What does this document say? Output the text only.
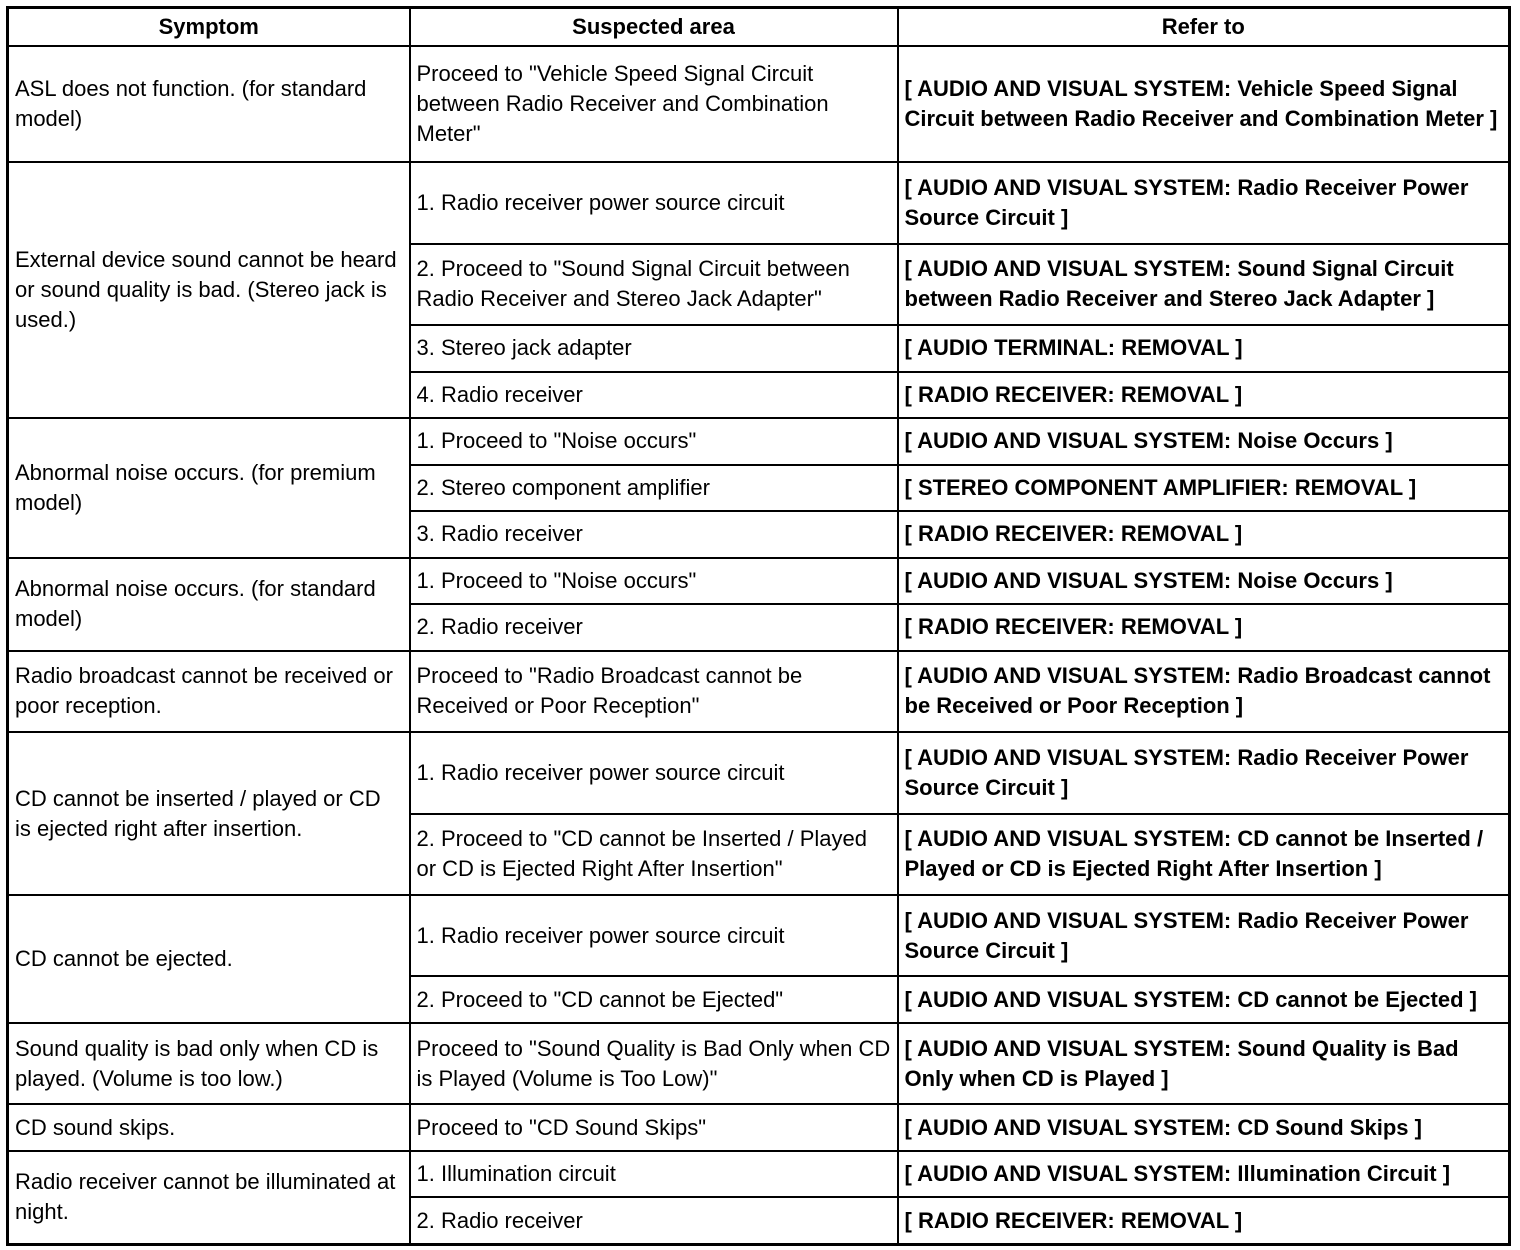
Symptom	Suspected area	Refer to
ASL does not function. (for standard model)	Proceed to "Vehicle Speed Signal Circuit between Radio Receiver and Combination Meter"	[ AUDIO AND VISUAL SYSTEM: Vehicle Speed Signal Circuit between Radio Receiver and Combination Meter ]
External device sound cannot be heard or sound quality is bad. (Stereo jack is used.)	1. Radio receiver power source circuit	[ AUDIO AND VISUAL SYSTEM: Radio Receiver Power Source Circuit ]
	2. Proceed to "Sound Signal Circuit between Radio Receiver and Stereo Jack Adapter"	[ AUDIO AND VISUAL SYSTEM: Sound Signal Circuit between Radio Receiver and Stereo Jack Adapter ]
	3. Stereo jack adapter	[ AUDIO TERMINAL: REMOVAL ]
	4. Radio receiver	[ RADIO RECEIVER: REMOVAL ]
Abnormal noise occurs. (for premium model)	1. Proceed to "Noise occurs"	[ AUDIO AND VISUAL SYSTEM: Noise Occurs ]
	2. Stereo component amplifier	[ STEREO COMPONENT AMPLIFIER: REMOVAL ]
	3. Radio receiver	[ RADIO RECEIVER: REMOVAL ]
Abnormal noise occurs. (for standard model)	1. Proceed to "Noise occurs"	[ AUDIO AND VISUAL SYSTEM: Noise Occurs ]
	2. Radio receiver	[ RADIO RECEIVER: REMOVAL ]
Radio broadcast cannot be received or poor reception.	Proceed to "Radio Broadcast cannot be Received or Poor Reception"	[ AUDIO AND VISUAL SYSTEM: Radio Broadcast cannot be Received or Poor Reception ]
CD cannot be inserted / played or CD is ejected right after insertion.	1. Radio receiver power source circuit	[ AUDIO AND VISUAL SYSTEM: Radio Receiver Power Source Circuit ]
	2. Proceed to "CD cannot be Inserted / Played or CD is Ejected Right After Insertion"	[ AUDIO AND VISUAL SYSTEM: CD cannot be Inserted / Played or CD is Ejected Right After Insertion ]
CD cannot be ejected.	1. Radio receiver power source circuit	[ AUDIO AND VISUAL SYSTEM: Radio Receiver Power Source Circuit ]
	2. Proceed to "CD cannot be Ejected"	[ AUDIO AND VISUAL SYSTEM: CD cannot be Ejected ]
Sound quality is bad only when CD is played. (Volume is too low.)	Proceed to "Sound Quality is Bad Only when CD is Played (Volume is Too Low)"	[ AUDIO AND VISUAL SYSTEM: Sound Quality is Bad Only when CD is Played ]
CD sound skips.	Proceed to "CD Sound Skips"	[ AUDIO AND VISUAL SYSTEM: CD Sound Skips ]
Radio receiver cannot be illuminated at night.	1. Illumination circuit	[ AUDIO AND VISUAL SYSTEM: Illumination Circuit ]
	2. Radio receiver	[ RADIO RECEIVER: REMOVAL ]
